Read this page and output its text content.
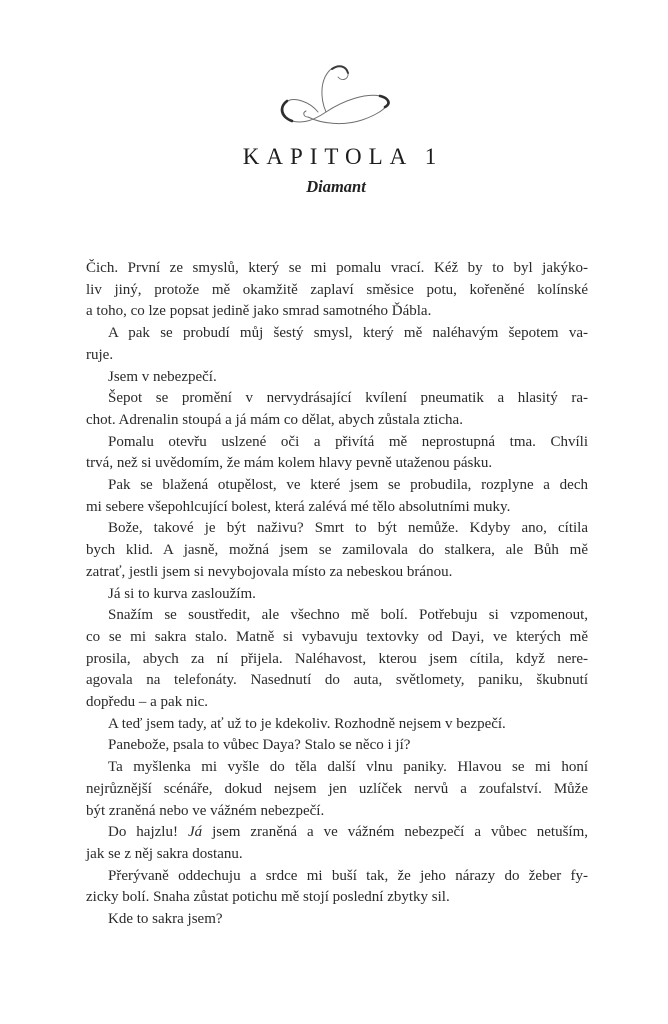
KAPITOLA 1
Diamant
Čich. První ze smyslů, který se mi pomalu vrací. Kéž by to byl jakýko-
liv jiný, protože mě okamžitě zaplaví směsice potu, kořeněné kolínské
a toho, co lze popsat jedině jako smrad samotného Ďábla.
A pak se probudí můj šestý smysl, který mě naléhavým šepotem va-
ruje.
Jsem v nebezpečí.
Šepot se promění v nervydrásající kvílení pneumatik a hlasitý ra-
chot. Adrenalin stoupá a já mám co dělat, abych zůstala zticha.
Pomalu otevřu uslzené oči a přivítá mě neprostupná tma. Chvíli
trvá, než si uvědomím, že mám kolem hlavy pevně utaženou pásku.
Pak se blažená otupělost, ve které jsem se probudila, rozplyne a dech
mi sebere všepohlcující bolest, která zalévá mé tělo absolutními muky.
Bože, takové je být naživu? Smrt to být nemůže. Kdyby ano, cítila
bych klid. A jasně, možná jsem se zamilovala do stalkera, ale Bůh mě
zatrať, jestli jsem si nevybojovala místo za nebeskou bránou.
Já si to kurva zasloužím.
Snažím se soustředit, ale všechno mě bolí. Potřebuju si vzpomenout,
co se mi sakra stalo. Matně si vybavuju textovky od Dayi, ve kterých mě
prosila, abych za ní přijela. Naléhavost, kterou jsem cítila, když nere-
agovala na telefonáty. Nasednutí do auta, světlomety, paniku, škubnutí
dopředu – a pak nic.
A teď jsem tady, ať už to je kdekoliv. Rozhodně nejsem v bezpečí.
Panebože, psala to vůbec Daya? Stalo se něco i jí?
Ta myšlenka mi vyšle do těla další vlnu paniky. Hlavou se mi honí
nejrůznější scénáře, dokud nejsem jen uzlíček nervů a zoufalství. Může
být zraněná nebo ve vážném nebezpečí.
Do hajzlu! Já jsem zraněná a ve vážném nebezpečí a vůbec netuším,
jak se z něj sakra dostanu.
Přerývaně oddechuju a srdce mi buší tak, že jeho nárazy do žeber fy-
zicky bolí. Snaha zůstat potichu mě stojí poslední zbytky sil.
Kde to sakra jsem?
